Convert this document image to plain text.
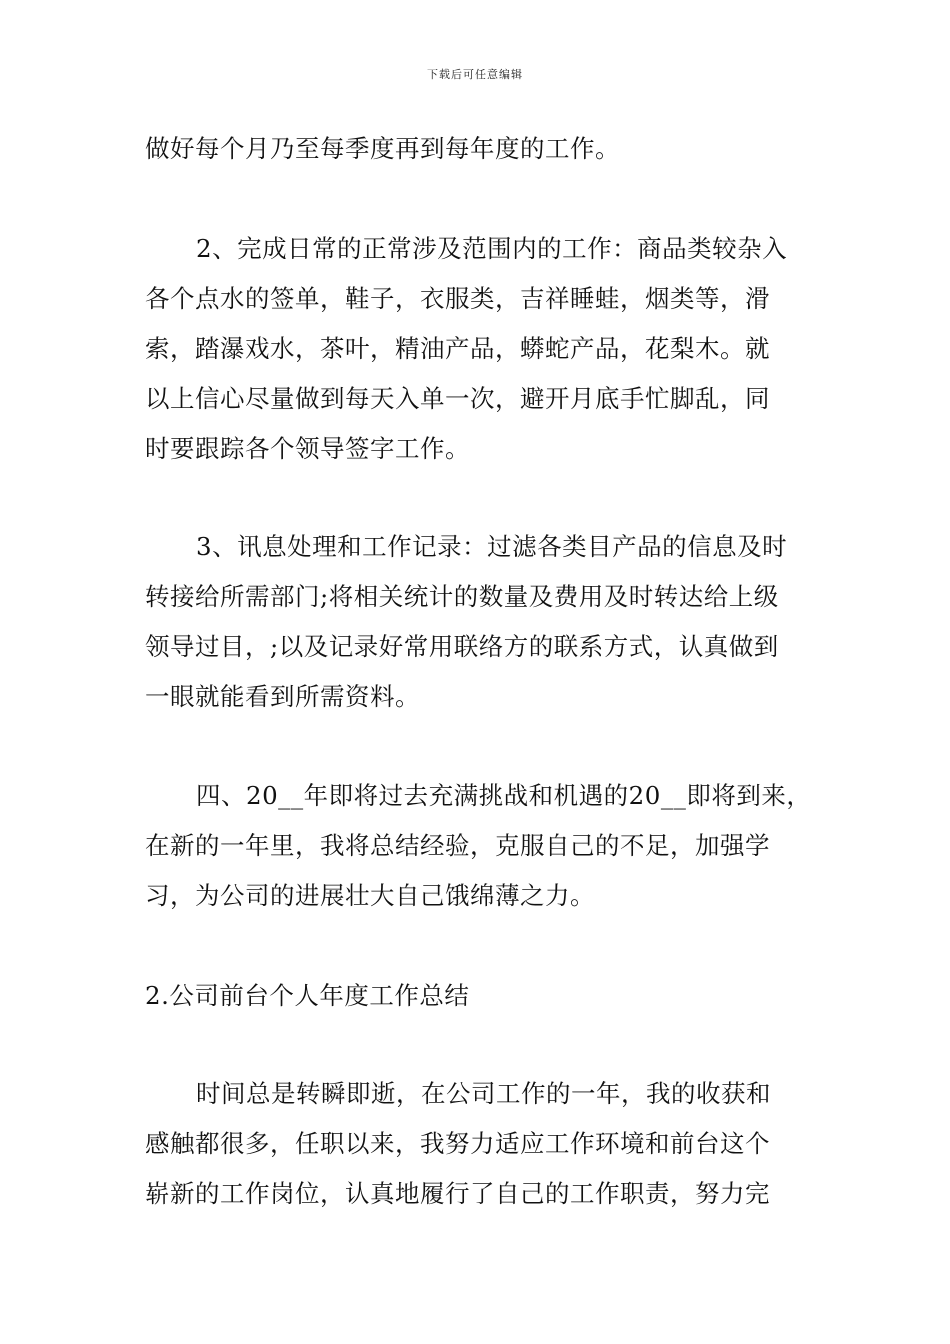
下载后可任意编辑
做好每个月乃至每季度再到每年度的工作。
2、完成日常的正常涉及范围内的工作：商品类较杂入
各个点水的签单，鞋子，衣服类，吉祥睡蛙，烟类等，滑
索，踏瀑戏水，茶叶，精油产品，蟒蛇产品，花梨木。就
以上信心尽量做到每天入单一次，避开月底手忙脚乱，同
时要跟踪各个领导签字工作。
3、讯息处理和工作记录：过滤各类目产品的信息及时
转接给所需部门;将相关统计的数量及费用及时转达给上级
领导过目，;以及记录好常用联络方的联系方式，认真做到
一眼就能看到所需资料。
四、20__年即将过去充满挑战和机遇的20__即将到来，
在新的一年里，我将总结经验，克服自己的不足，加强学
习，为公司的进展壮大自己饿绵薄之力。
2.公司前台个人年度工作总结
时间总是转瞬即逝，在公司工作的一年，我的收获和
感触都很多，任职以来，我努力适应工作环境和前台这个
崭新的工作岗位，认真地履行了自己的工作职责，努力完
